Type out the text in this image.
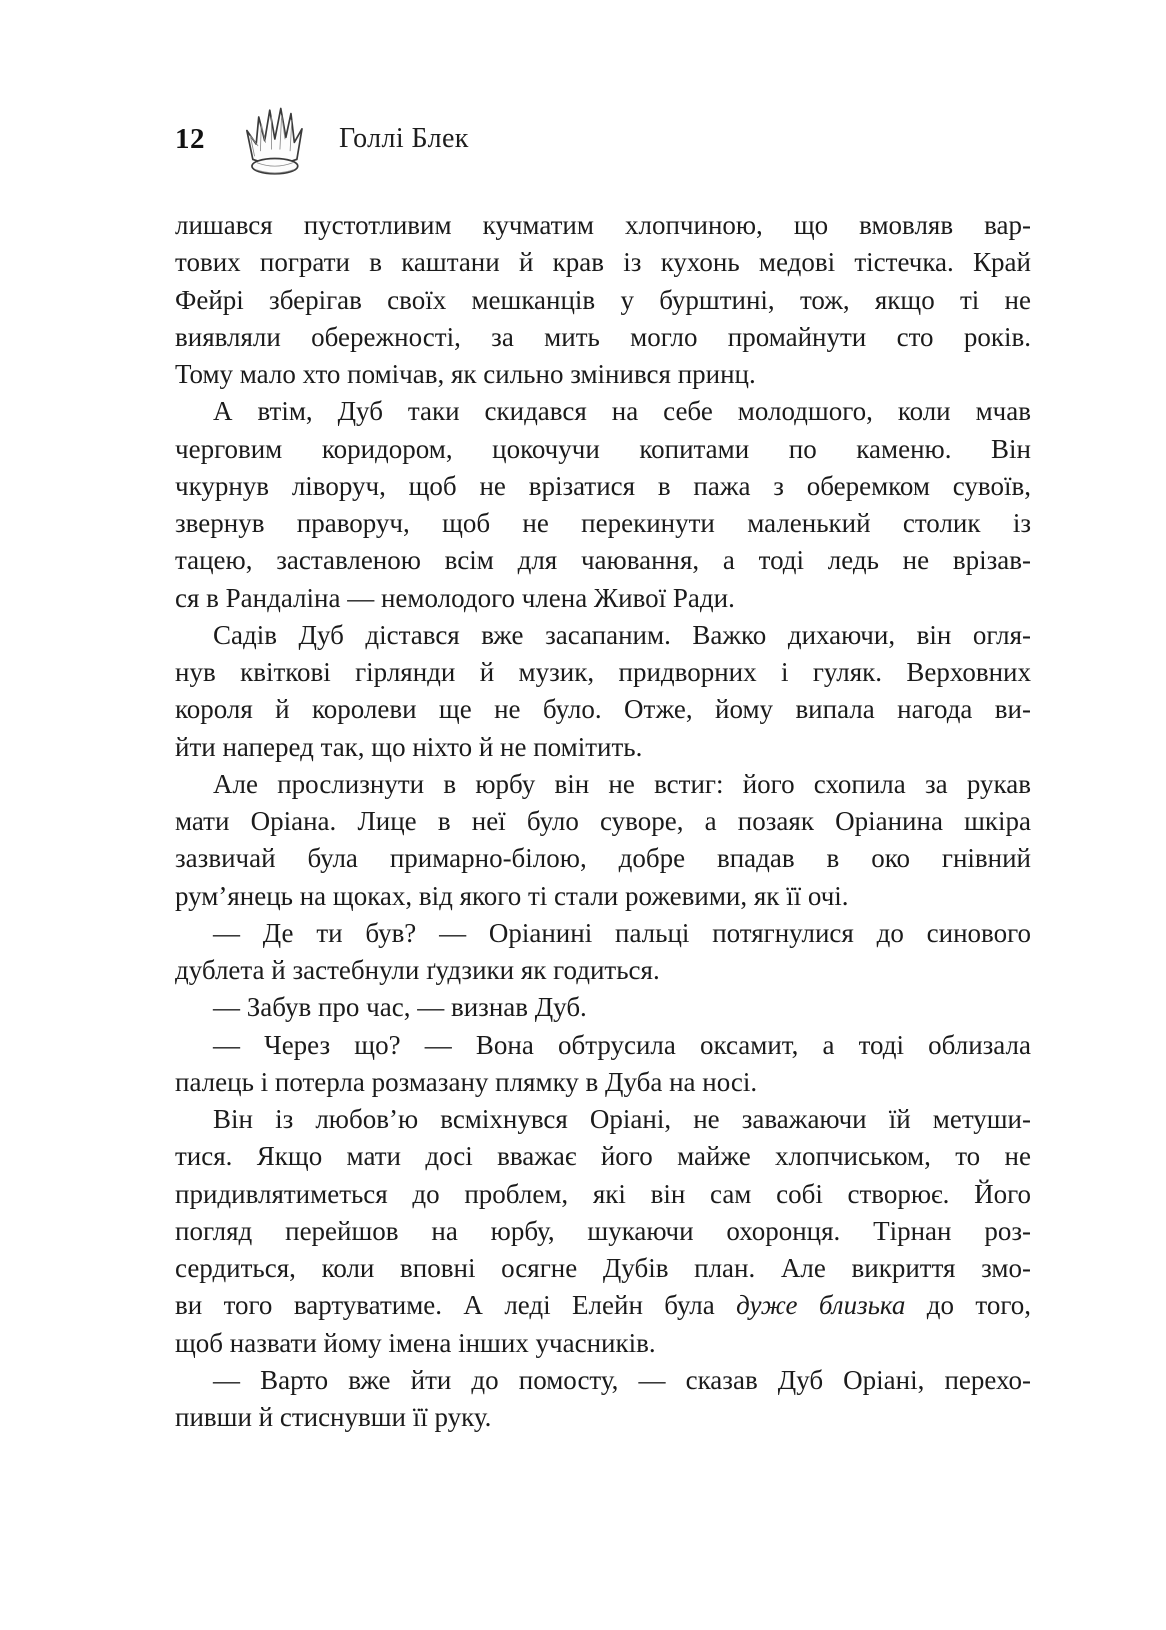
12	Голлі Блек
лишався пустотливим кучматим хлопчиною, що вмовляв вар-
тових пограти в каштани й крав із кухонь медові тістечка. Край
Фейрі зберігав своїх мешканців у бурштині, тож, якщо ті не
виявляли обережності, за мить могло промайнути сто років.
Тому мало хто помічав, як сильно змінився принц.
А втім, Дуб таки скидався на себе молодшого, коли мчав
черговим коридором, цокочучи копитами по каменю. Він
чкурнув ліворуч, щоб не врізатися в пажа з оберемком сувоїв,
звернув праворуч, щоб не перекинути маленький столик із
тацею, заставленою всім для чаювання, а тоді ледь не врізав-
ся в Рандаліна — немолодого члена Живої Ради.
Садів Дуб дістався вже засапаним. Важко дихаючи, він огля-
нув квіткові гірлянди й музик, придворних і гуляк. Верховних
короля й королеви ще не було. Отже, йому випала нагода ви-
йти наперед так, що ніхто й не помітить.
Але прослизнути в юрбу він не встиг: його схопила за рукав
мати Оріана. Лице в неї було суворе, а позаяк Оріанина шкіра
зазвичай була примарно-білою, добре впадав в око гнівний
рум’янець на щоках, від якого ті стали рожевими, як її очі.
— Де ти був? — Оріанині пальці потягнулися до синового
дублета й застебнули ґудзики як годиться.
— Забув про час, — визнав Дуб.
— Через що? — Вона обтрусила оксамит, а тоді облизала
палець і потерла розмазану плямку в Дуба на носі.
Він із любов’ю всміхнувся Оріані, не заважаючи їй метуши-
тися. Якщо мати досі вважає його майже хлопчиськом, то не
придивлятиметься до проблем, які він сам собі створює. Його
погляд перейшов на юрбу, шукаючи охоронця. Тірнан роз-
сердиться, коли вповні осягне Дубів план. Але викриття змо-
ви того вартуватиме. А леді Елейн була дуже близька до того,
щоб назвати йому імена інших учасників.
— Варто вже йти до помосту, — сказав Дуб Оріані, перехо-
пивши й стиснувши її руку.
